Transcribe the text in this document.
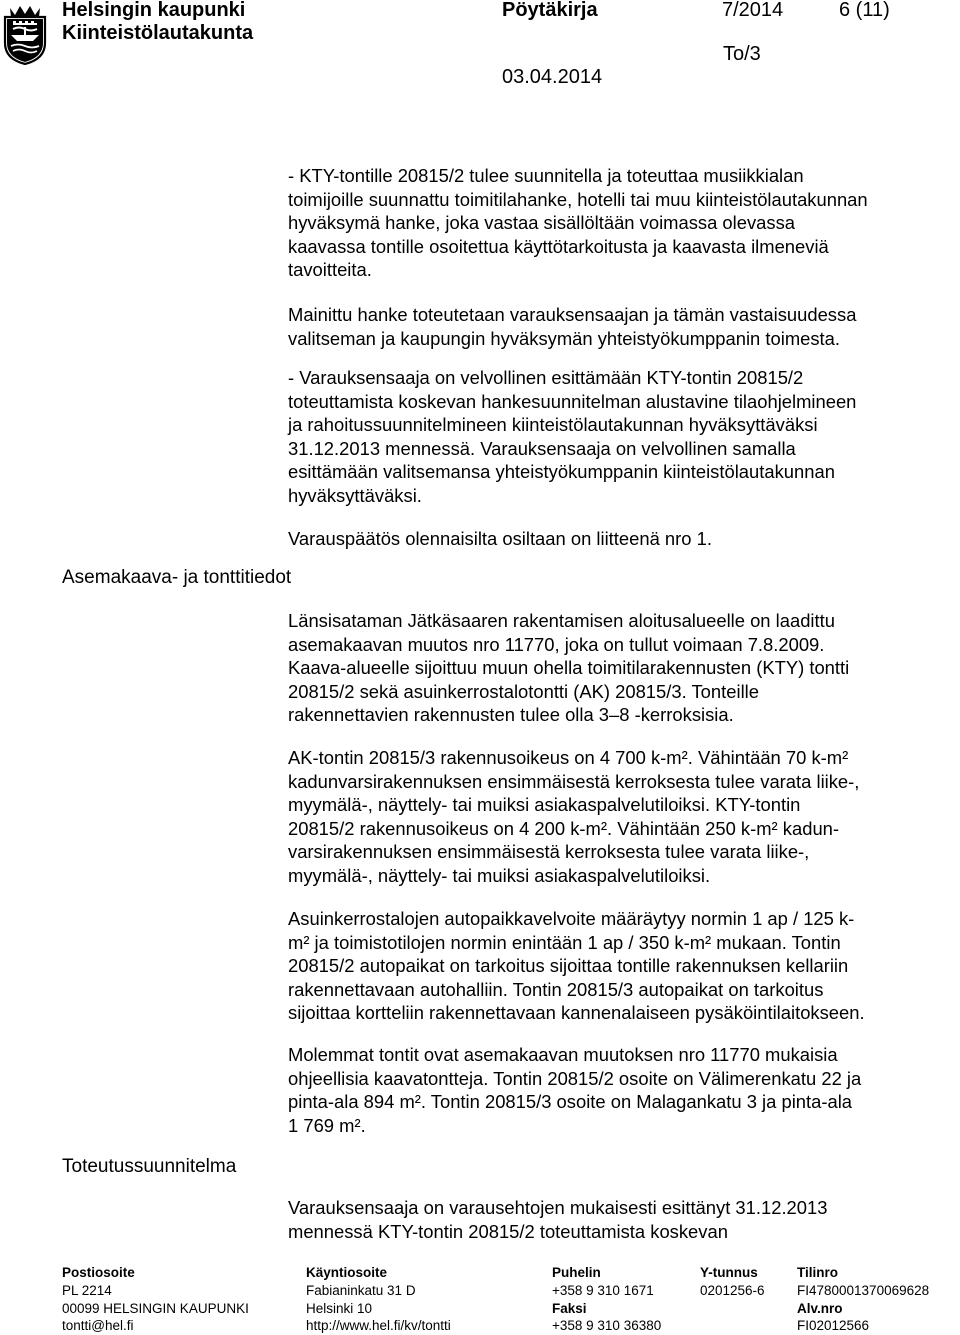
Helsingin kaupunki
Kiinteistölautakunta
Pöytäkirja	7/2014	6 (11)
To/3
03.04.2014
Asemakaava- ja tonttitiedot
Toteutussuunnitelma
- KTY-tontille 20815/2 tulee suunnitella ja toteuttaa musiikkialan
toimijoille suunnattu toimitilahanke, hotelli tai muu kiinteistölautakunnan
hyväksymä hanke, joka vastaa sisällöltään voimassa olevassa
kaavassa tontille osoitettua käyttötarkoitusta ja kaavasta ilmeneviä
tavoitteita.
Mainittu hanke toteutetaan varauksensaajan ja tämän vastaisuudessa
valitseman ja kaupungin hyväksymän yhteistyökumppanin toimesta.
- Varauksensaaja on velvollinen esittämään KTY-tontin 20815/2
toteuttamista koskevan hankesuunnitelman alustavine tilaohjelmineen
ja rahoitussuunnitelmineen kiinteistölautakunnan hyväksyttäväksi
31.12.2013 mennessä. Varauksensaaja on velvollinen samalla
esittämään valitsemansa yhteistyökumppanin kiinteistölautakunnan
hyväksyttäväksi.
Varauspäätös olennaisilta osiltaan on liitteenä nro 1.
Länsisataman Jätkäsaaren rakentamisen aloitusalueelle on laadittu
asemakaavan muutos nro 11770, joka on tullut voimaan 7.8.2009.
Kaava-alueelle sijoittuu muun ohella toimitilarakennusten (KTY) tontti
20815/2 sekä asuinkerrostalotontti (AK) 20815/3. Tonteille
rakennettavien rakennusten tulee olla 3–8 -kerroksisia.
AK-tontin 20815/3 rakennusoikeus on 4 700 k-m². Vähintään 70 k-m²
kadunvarsirakennuksen ensimmäisestä kerroksesta tulee varata liike-,
myymälä-, näyttely- tai muiksi asiakaspalvelutiloiksi. KTY-tontin
20815/2 rakennusoikeus on 4 200 k-m². Vähintään 250 k-m² kadun-
varsirakennuksen ensimmäisestä kerroksesta tulee varata liike-,
myymälä-, näyttely- tai muiksi asiakaspalvelutiloiksi.
Asuinkerrostalojen autopaikkavelvoite määräytyy normin 1 ap / 125 k-
m² ja toimistotilojen normin enintään 1 ap / 350 k-m² mukaan. Tontin
20815/2 autopaikat on tarkoitus sijoittaa tontille rakennuksen kellariin
rakennettavaan autohalliin. Tontin 20815/3 autopaikat on tarkoitus
sijoittaa kortteliin rakennettavaan kannenalaiseen pysäköintilaitokseen.
Molemmat tontit ovat asemakaavan muutoksen nro 11770 mukaisia
ohjeellisia kaavatontteja. Tontin 20815/2 osoite on Välimerenkatu 22 ja
pinta-ala 894 m². Tontin 20815/3 osoite on Malagankatu 3 ja pinta-ala
1 769 m².
Varauksensaaja on varausehtojen mukaisesti esittänyt 31.12.2013
mennessä KTY-tontin 20815/2 toteuttamista koskevan
Postiosoite
PL 2214
00099 HELSINGIN KAUPUNKI
tontti@hel.fi
Käyntiosoite
Fabianinkatu 31 D
Helsinki 10
http://www.hel.fi/kv/tontti
Puhelin
+358 9 310 1671
Faksi
+358 9 310 36380
Y-tunnus
0201256-6
Tilinro
FI4780001370069628
Alv.nro
FI02012566
